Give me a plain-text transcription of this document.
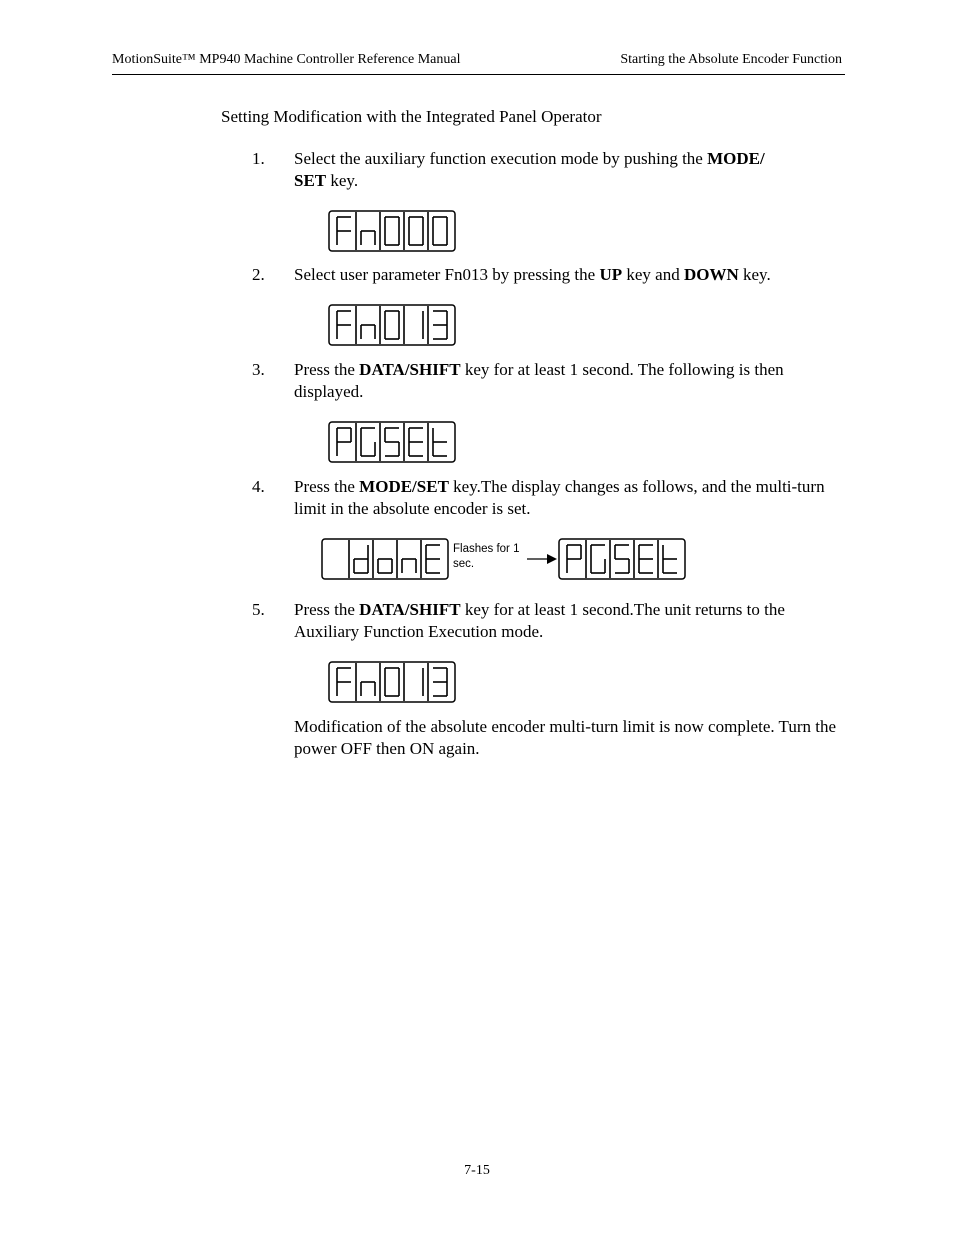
MotionSuite™ MP940 Machine Controller Reference Manual	Starting the Absolute Encoder Function
Setting Modification with the Integrated Panel Operator
1.	Select the auxiliary function execution mode by pushing the MODE/
SET key.
2.	Select user parameter Fn013 by pressing the UP key and DOWN key.
3.	Press the DATA/SHIFT key for at least 1 second. The following is then displayed.
4.	Press the MODE/SET key.The display changes as follows, and the multi-turn limit in the absolute encoder is set.
Flashes for 1 sec.
5.	Press the DATA/SHIFT key for at least 1 second.The unit returns to the Auxiliary Function Execution mode.
Modification of the absolute encoder multi-turn limit is now complete. Turn the power OFF then ON again.
7-15
